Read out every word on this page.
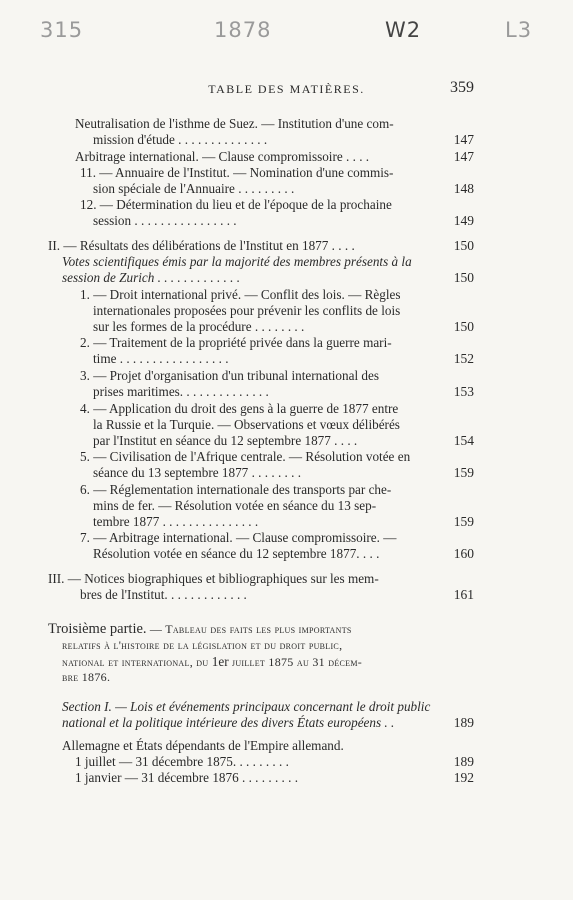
315	1878	W2	L3
TABLE DES MATIÈRES.	359
Neutralisation de l'isthme de Suez. — Institution d'une com-
mission d'étude . . . . . . . . . . . . . .	147
Arbitrage international. — Clause compromissoire . . . .	147
11. — Annuaire de l'Institut. — Nomination d'une commis-
sion spéciale de l'Annuaire . . . . . . . . .	148
12. — Détermination du lieu et de l'époque de la prochaine
session . . . . . . . . . . . . . . . .	149
II. — Résultats des délibérations de l'Institut en 1877 . . . .	150
Votes scientifiques émis par la majorité des membres présents à la
session de Zurich . . . . . . . . . . . . .	150
1. — Droit international privé. — Conflit des lois. — Règles
internationales proposées pour prévenir les conflits de lois
sur les formes de la procédure . . . . . . . .	150
2. — Traitement de la propriété privée dans la guerre mari-
time . . . . . . . . . . . . . . . . .	152
3. — Projet d'organisation d'un tribunal international des
prises maritimes. . . . . . . . . . . . . .	153
4. — Application du droit des gens à la guerre de 1877 entre
la Russie et la Turquie. — Observations et vœux délibérés
par l'Institut en séance du 12 septembre 1877 . . . .	154
5. — Civilisation de l'Afrique centrale. — Résolution votée en
séance du 13 septembre 1877 . . . . . . . .	159
6. — Réglementation internationale des transports par che-
mins de fer. — Résolution votée en séance du 13 sep-
tembre 1877 . . . . . . . . . . . . . . .	159
7. — Arbitrage international. — Clause compromissoire. —
Résolution votée en séance du 12 septembre 1877. . . .	160
III. — Notices biographiques et bibliographiques sur les mem-
bres de l'Institut. . . . . . . . . . . . .	161
Troisième partie. — Tableau des faits les plus importants
relatifs à l'histoire de la législation et du droit public,
national et international, du 1er juillet 1875 au 31 décem-
bre 1876.
Section I. — Lois et événements principaux concernant le droit public
national et la politique intérieure des divers États européens . .	189
Allemagne et États dépendants de l'Empire allemand.
1 juillet — 31 décembre 1875. . . . . . . . .	189
1 janvier — 31 décembre 1876 . . . . . . . . .	192
